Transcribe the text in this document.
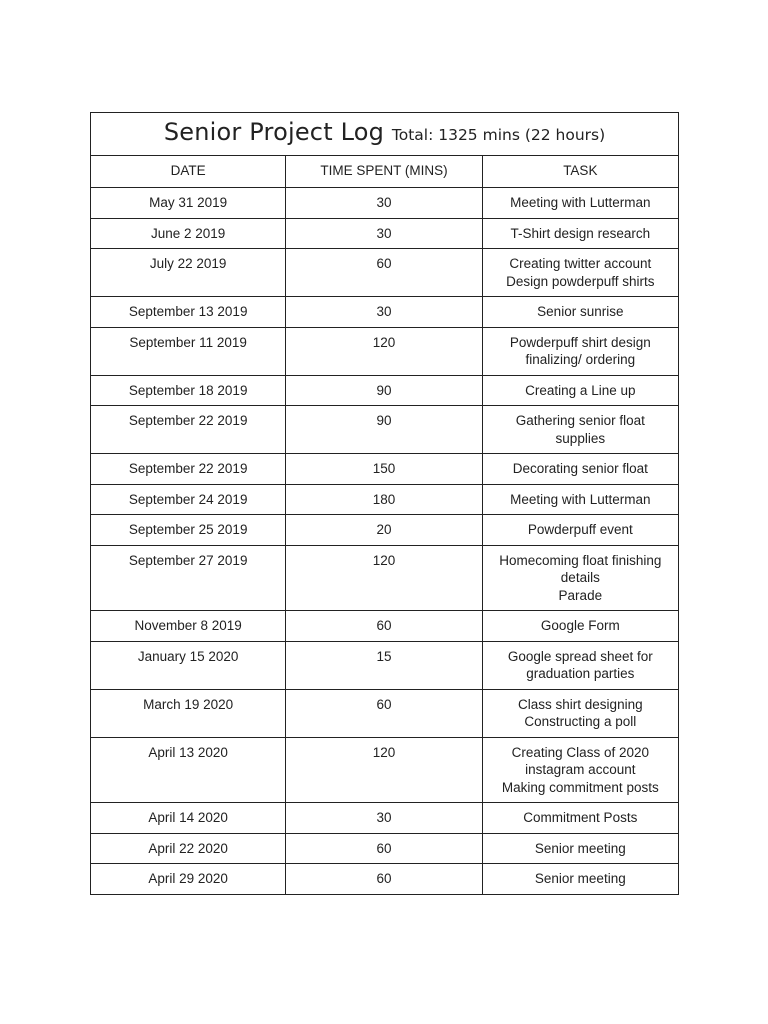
Senior Project Log Total: 1325 mins (22 hours)		
DATE	TIME SPENT (MINS)	TASK
May 31 2019	30	Meeting with Lutterman

June 2 2019	30	T-Shirt design research

July 22 2019	60	Creating twitter account
Design powderpuff shirts

September 13 2019	30	Senior sunrise

September 11 2019	120	Powderpuff shirt design
finalizing/ ordering

September 18 2019	90	Creating a Line up

September 22 2019	90	Gathering senior float
supplies

September 22 2019	150	Decorating senior float

September 24 2019	180	Meeting with Lutterman

September 25 2019	20	Powderpuff event

September 27 2019	120	Homecoming float finishing
details
Parade

November 8 2019	60	Google Form

January 15 2020	15	Google spread sheet for
graduation parties

March 19 2020	60	Class shirt designing
Constructing a poll

April 13 2020	120	Creating Class of 2020
instagram account
Making commitment posts

April 14 2020	30	Commitment Posts

April 22 2020	60	Senior meeting

April 29 2020	60	Senior meeting
